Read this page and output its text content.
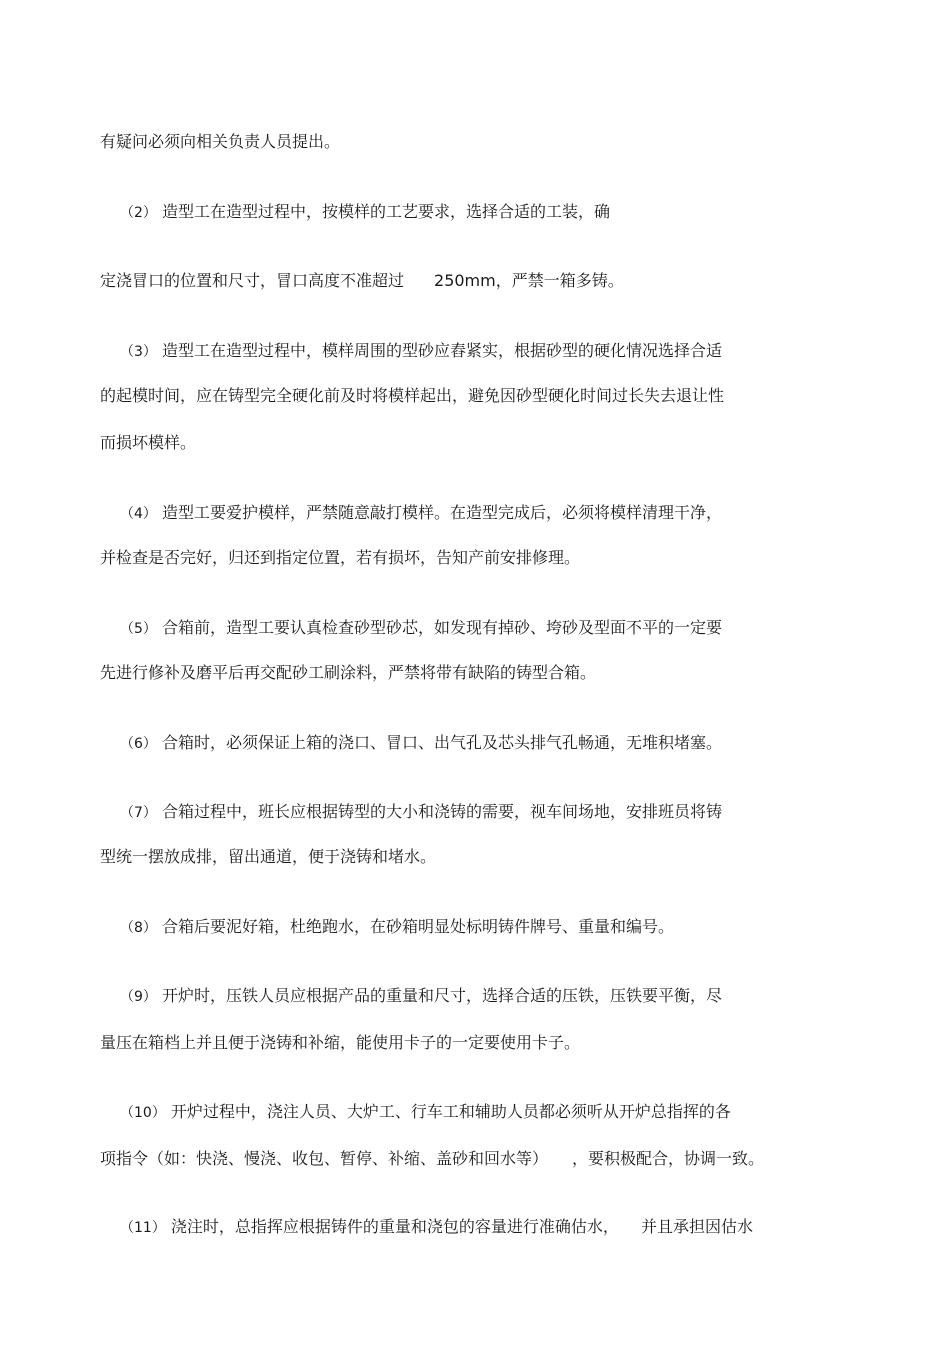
有疑问必须向相关负责人员提出。

（2） 造型工在造型过程中，按模样的工艺要求，选择合适的工装，确

定浇冒口的位置和尺寸，冒口高度不准超过 250mm，严禁一箱多铸。

（3） 造型工在造型过程中，模样周围的型砂应舂紧实，根据砂型的硬化情况选择合适

的起模时间，应在铸型完全硬化前及时将模样起出，避免因砂型硬化时间过长失去退让性

而损坏模样。

（4） 造型工要爱护模样，严禁随意敲打模样。在造型完成后，必须将模样清理干净，

并检查是否完好，归还到指定位置，若有损坏，告知产前安排修理。

（5） 合箱前，造型工要认真检查砂型砂芯，如发现有掉砂、垮砂及型面不平的一定要

先进行修补及磨平后再交配砂工刷涂料，严禁将带有缺陷的铸型合箱。

（6） 合箱时，必须保证上箱的浇口、冒口、出气孔及芯头排气孔畅通，无堆积堵塞。

（7） 合箱过程中，班长应根据铸型的大小和浇铸的需要，视车间场地，安排班员将铸

型统一摆放成排，留出通道，便于浇铸和堵水。

（8） 合箱后要泥好箱，杜绝跑水，在砂箱明显处标明铸件牌号、重量和编号。

（9） 开炉时，压铁人员应根据产品的重量和尺寸，选择合适的压铁，压铁要平衡，尽

量压在箱档上并且便于浇铸和补缩，能使用卡子的一定要使用卡子。

（10） 开炉过程中，浇注人员、大炉工、行车工和辅助人员都必须听从开炉总指挥的各

项指令（如：快浇、慢浇、收包、暂停、补缩、盖砂和回水等） ，要积极配合，协调一致。

（11） 浇注时，总指挥应根据铸件的重量和浇包的容量进行准确估水， 并且承担因估水
